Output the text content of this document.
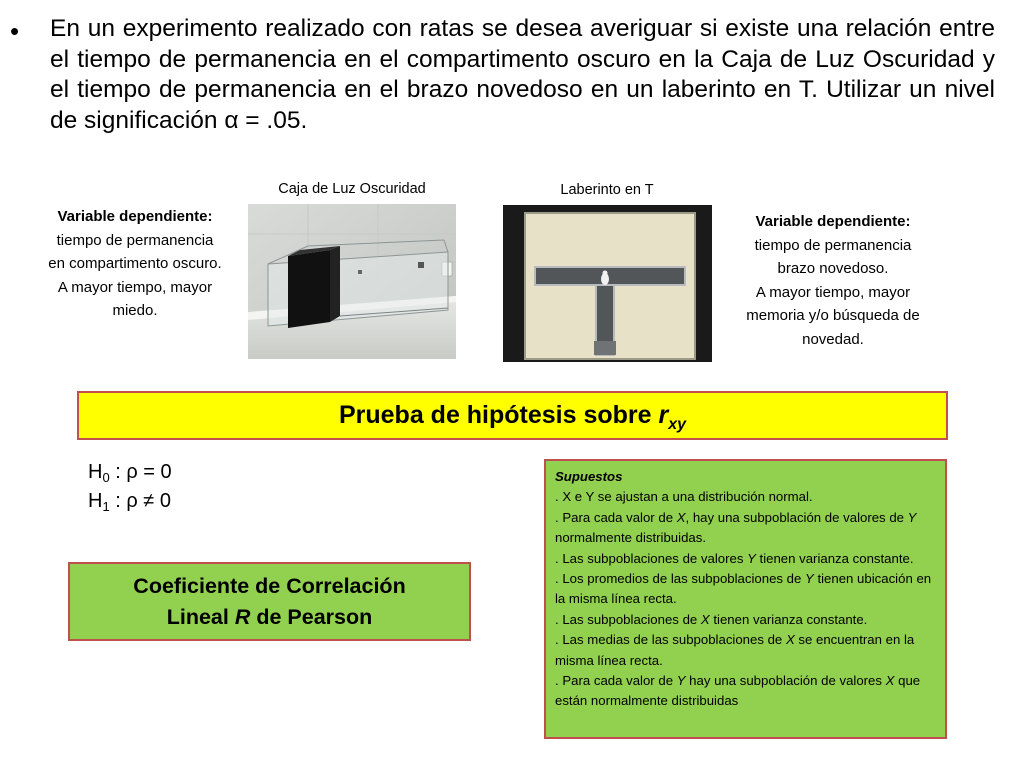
• En un experimento realizado con ratas se desea averiguar si existe una relación entre el tiempo de permanencia en el compartimento oscuro en la Caja de Luz Oscuridad y el tiempo de permanencia en el brazo novedoso en un laberinto en T. Utilizar un nivel de significación α = .05.
Variable dependiente:
tiempo de permanencia
en compartimento oscuro.
A mayor tiempo, mayor
miedo.
Caja de Luz Oscuridad	Laberinto en T
Variable dependiente:
tiempo de permanencia
brazo novedoso.
A mayor tiempo, mayor
memoria y/o búsqueda de
novedad.
Prueba de hipótesis sobre $r_{xy}$
$H_0$ : ρ = 0
$H_1$ : ρ ≠ 0
Coeficiente de Correlación
Lineal R de Pearson
Supuestos
. X e Y se ajustan a una distribución normal.
. Para cada valor de X, hay una subpoblación de valores de Y normalmente distribuidas.
. Las subpoblaciones de valores Y tienen varianza constante.
. Los promedios de las subpoblaciones de Y tienen ubicación en la misma línea recta.
. Las subpoblaciones de X tienen varianza constante.
. Las medias de las subpoblaciones de X se encuentran en la misma línea recta.
. Para cada valor de Y hay una subpoblación de valores X que están normalmente distribuidas
